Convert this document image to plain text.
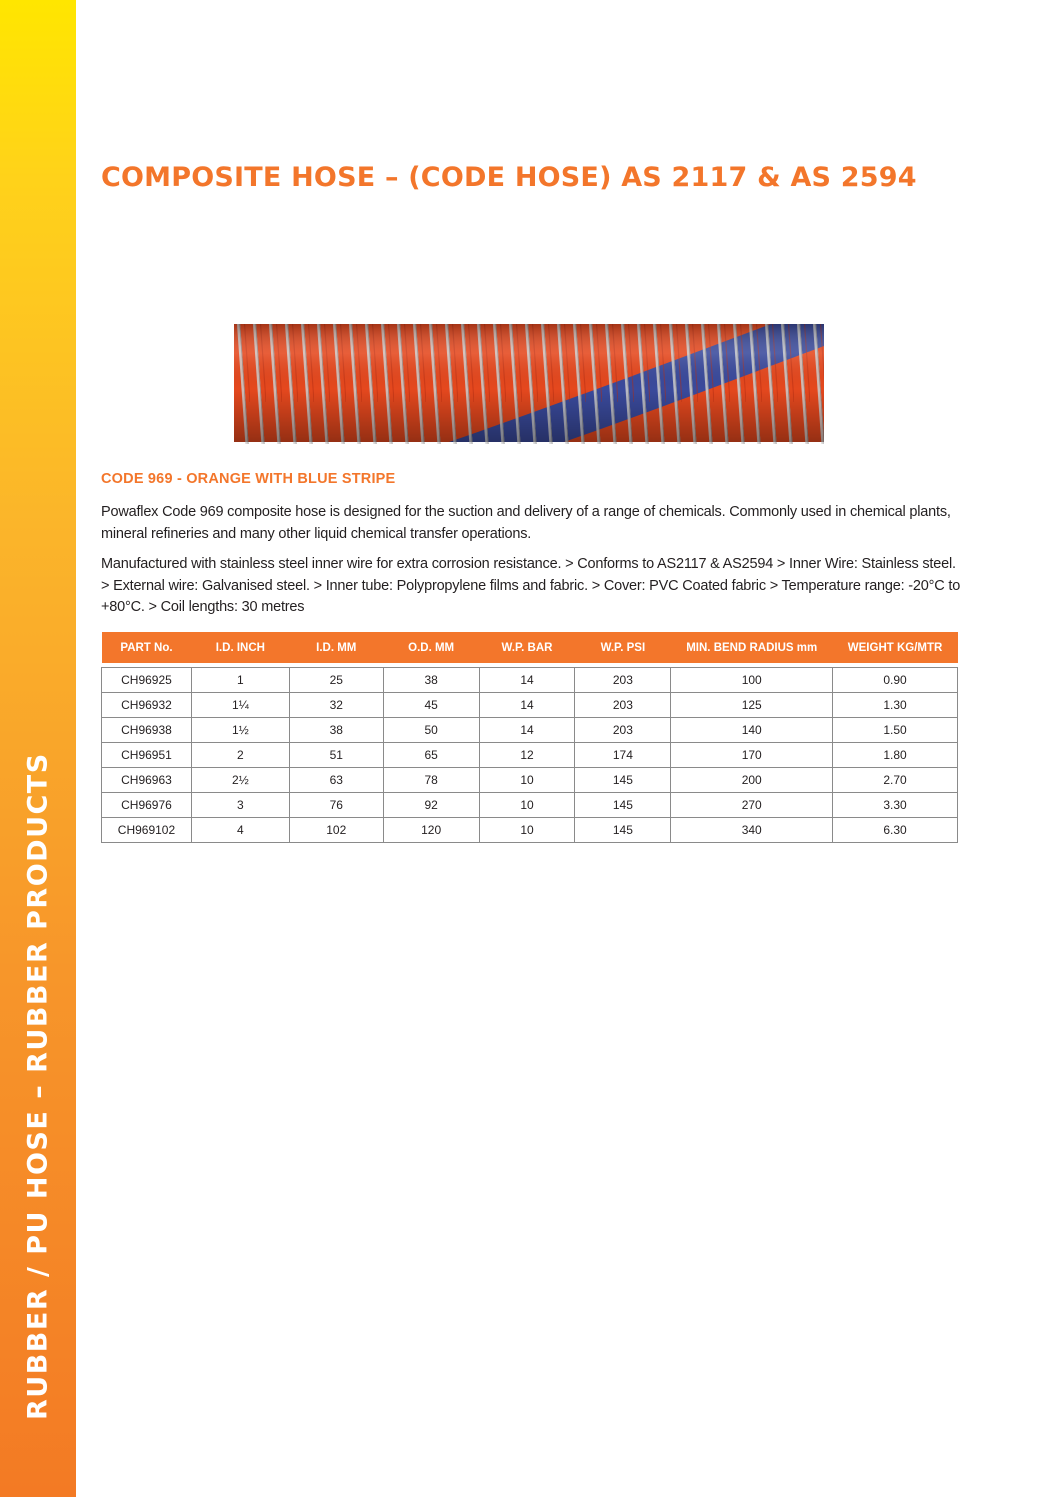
RUBBER / PU HOSE – RUBBER PRODUCTS
COMPOSITE HOSE – (CODE HOSE) AS 2117 & AS 2594
CODE 969 - ORANGE WITH BLUE STRIPE
Powaflex Code 969 composite hose is designed for the suction and delivery of a range of chemicals. Commonly used in chemical plants, mineral refineries and many other liquid chemical transfer operations.
Manufactured with stainless steel inner wire for extra corrosion resistance. > Conforms to AS2117 & AS2594 > Inner Wire: Stainless steel. > External wire: Galvanised steel. > Inner tube: Polypropylene films and fabric. > Cover: PVC Coated fabric > Temperature range: -20°C to +80°C. > Coil lengths: 30 metres
PART No.	I.D. INCH	I.D. MM	O.D. MM	W.P. BAR	W.P. PSI	MIN. BEND RADIUS mm	WEIGHT KG/MTR

CH96925	1	25	38	14	203	100	0.90
CH96932	1¼	32	45	14	203	125	1.30
CH96938	1½	38	50	14	203	140	1.50
CH96951	2	51	65	12	174	170	1.80
CH96963	2½	63	78	10	145	200	2.70
CH96976	3	76	92	10	145	270	3.30
CH969102	4	102	120	10	145	340	6.30
